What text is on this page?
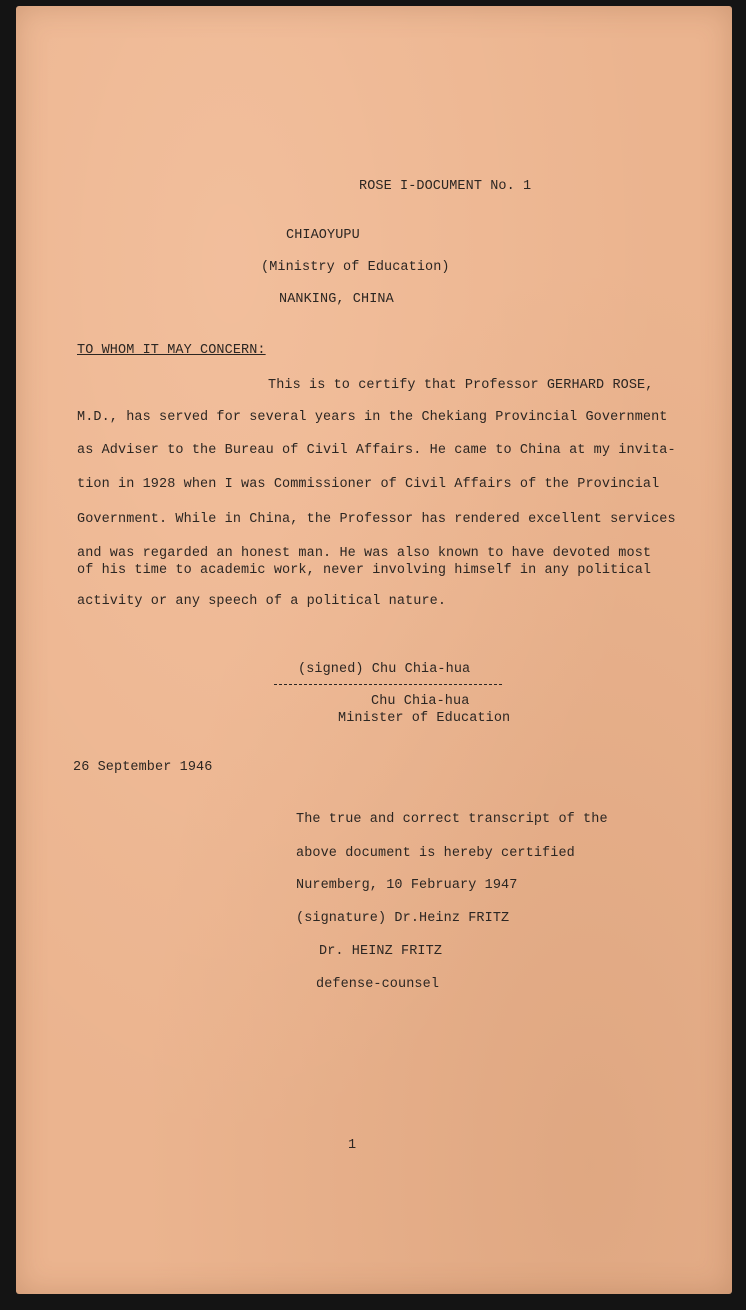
ROSE I-DOCUMENT No. 1
CHIAOYUPU
(Ministry of Education)
NANKING, CHINA
TO WHOM IT MAY CONCERN:
This is to certify that Professor GERHARD ROSE,
M.D., has served for several years in the Chekiang Provincial Government
as Adviser to the Bureau of Civil Affairs. He came to China at my invita-
tion in 1928 when I was Commissioner of Civil Affairs of the Provincial
Government. While in China, the Professor has rendered excellent services
and was regarded an honest man. He was also known to have devoted most
of his time to academic work, never involving himself in any political
activity or any speech of a political nature.
(signed) Chu Chia-hua
Chu Chia-hua
Minister of Education
26 September 1946
The true and correct transcript of the
above document is hereby certified
Nuremberg, 10 February 1947
(signature) Dr.Heinz FRITZ
Dr. HEINZ FRITZ
defense-counsel
1
